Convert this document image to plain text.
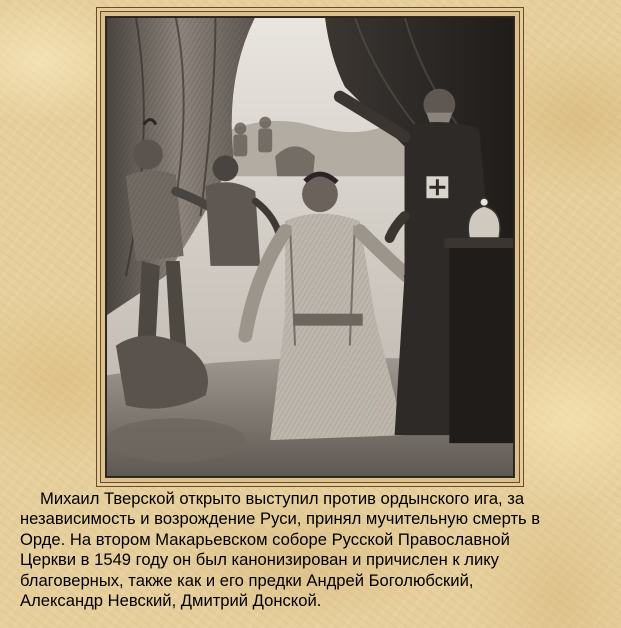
Михаил Тверской открыто выступил против ордынского ига, за
независимость и возрождение Руси, принял мучительную смерть в
Орде. На втором Макарьевском соборе Русской Православной
Церкви в 1549 году он был канонизирован и причислен к лику
благоверных, также как и его предки Андрей Боголюбский,
Александр Невский, Дмитрий Донской.
